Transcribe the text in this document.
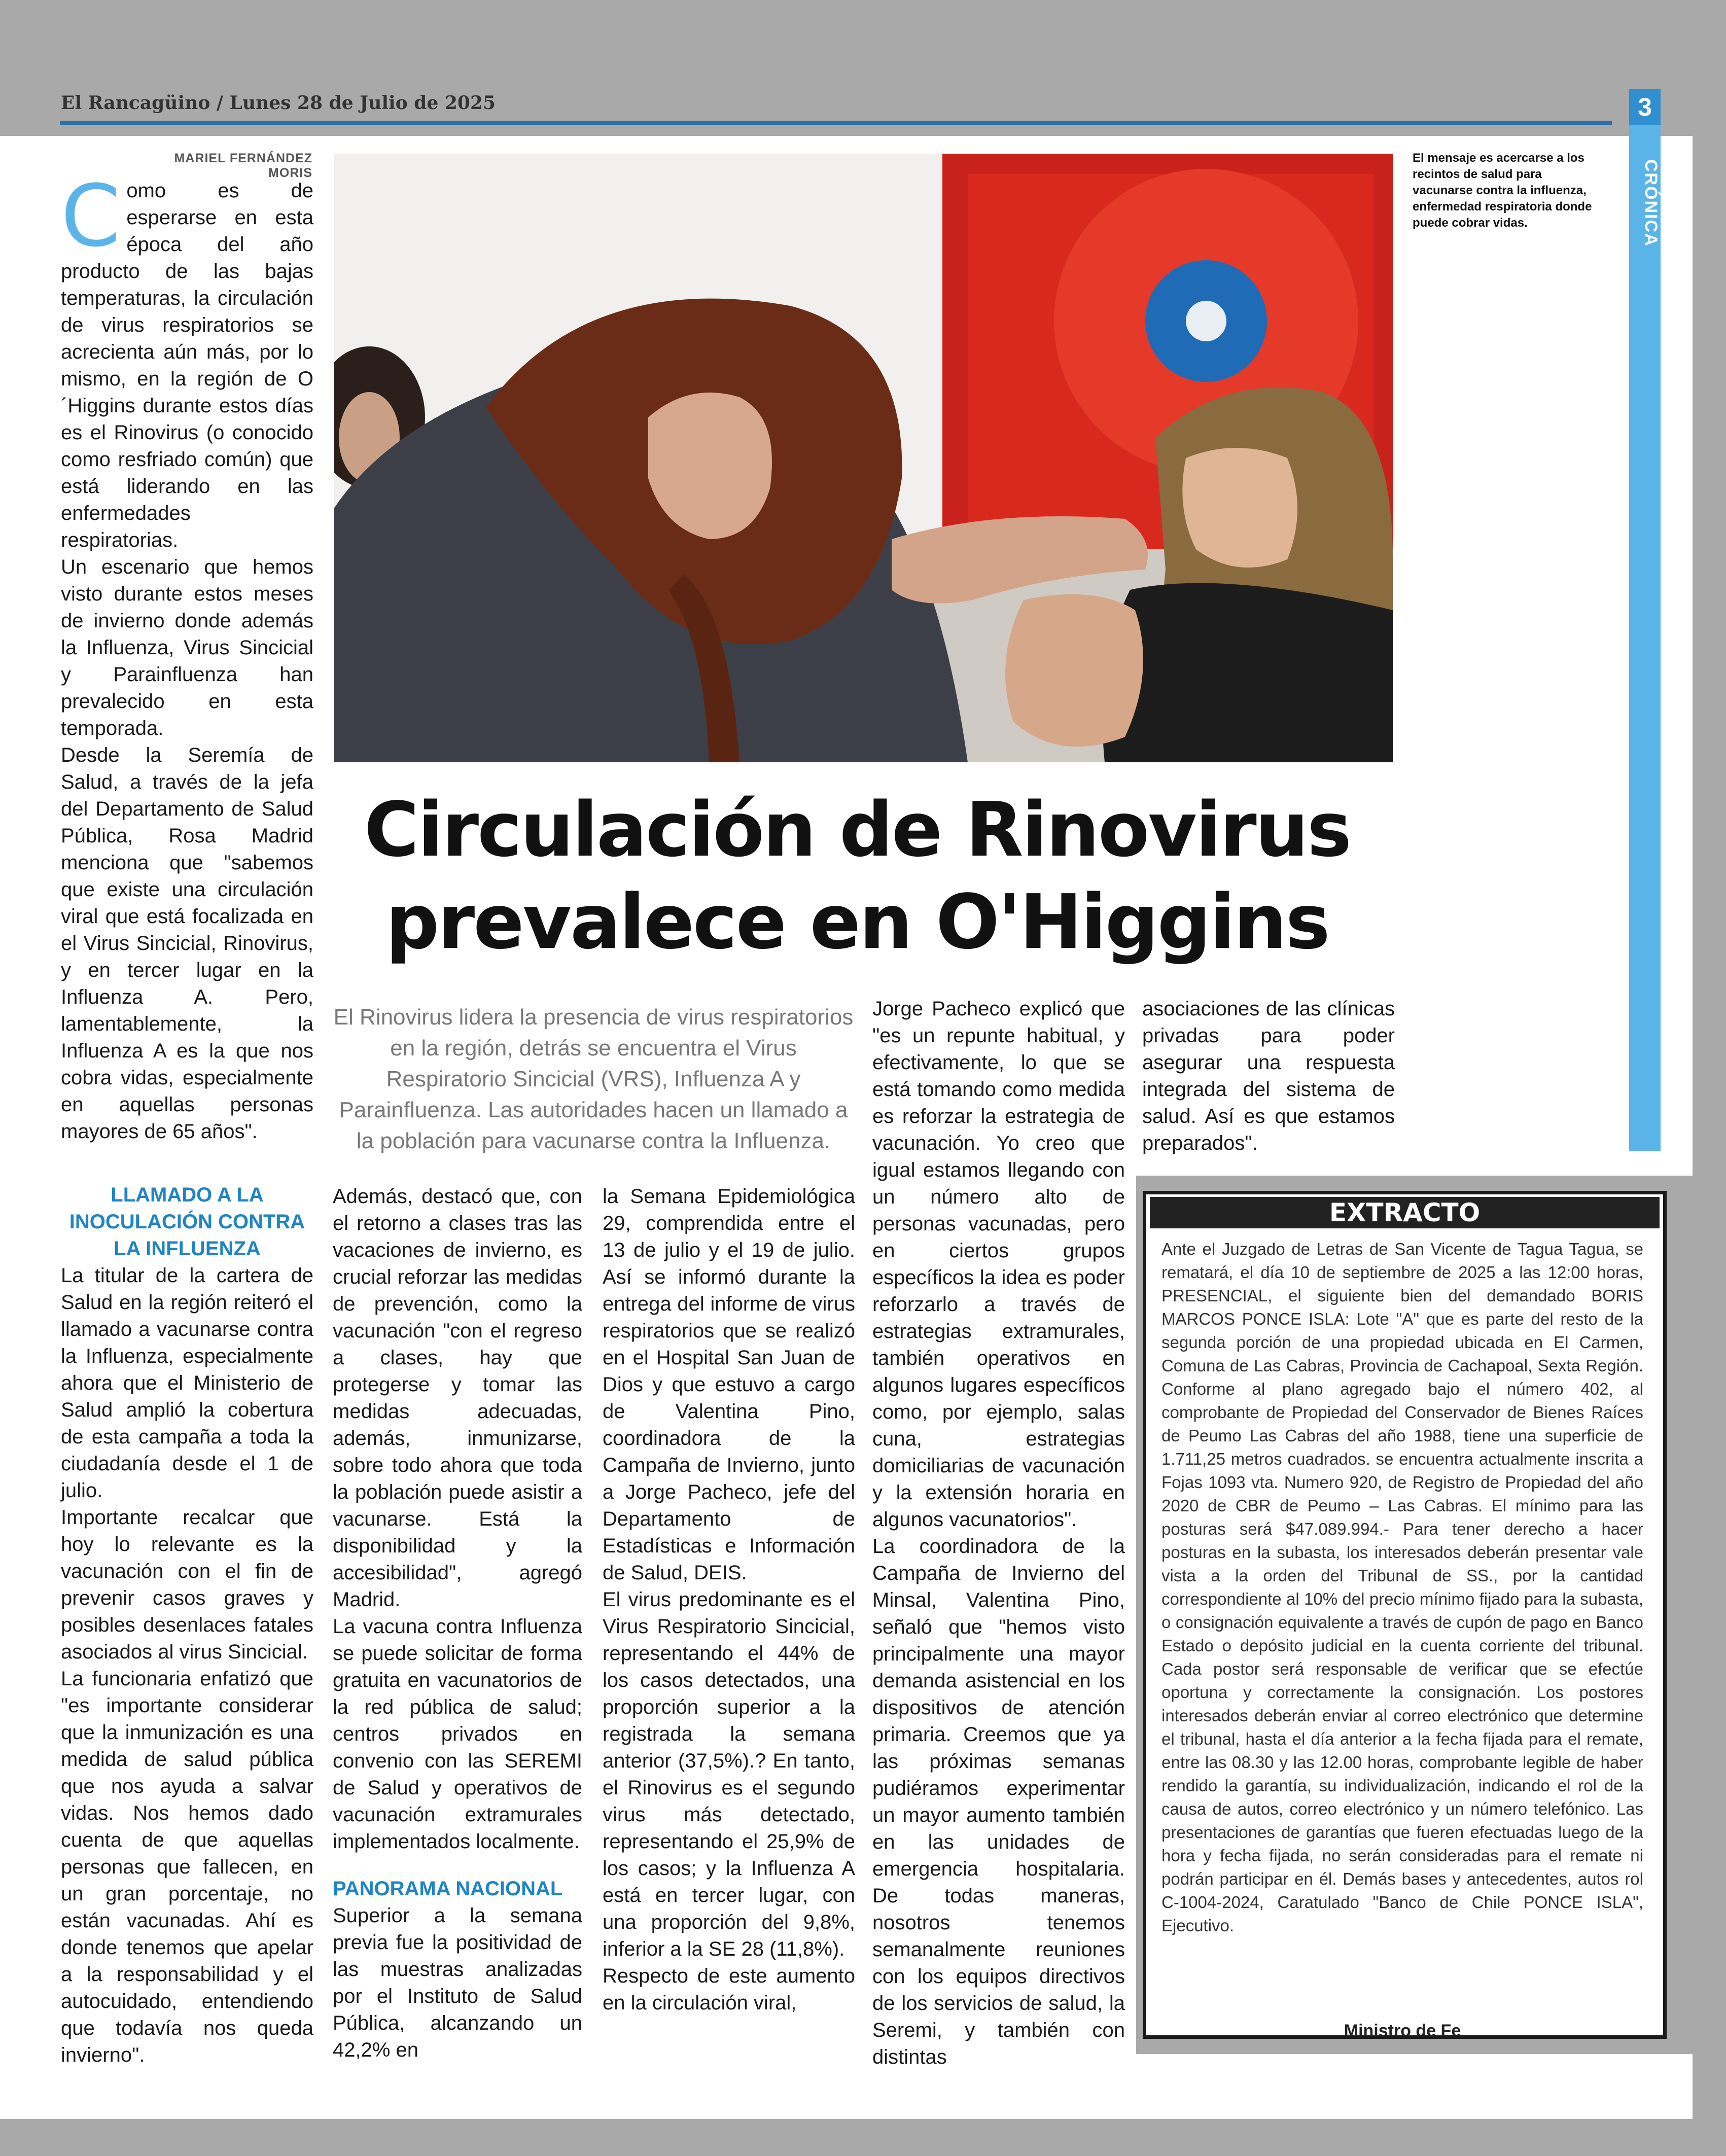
El Rancagüino / Lunes 28 de Julio de 2025	3
CRÓNICA
MARIEL FERNÁNDEZ MORIS
El mensaje es acercarse a los recintos de salud para vacunarse contra la influenza, enfermedad respiratoria donde puede cobrar vidas.

Como es de esperarse en esta época del año producto de las bajas temperaturas, la circulación de virus respiratorios se acrecienta aún más, por lo mismo, en la región de O´Higgins durante estos días es el Rinovirus (o conocido como resfriado común) que está liderando en las enfermedades respiratorias.

Un escenario que hemos visto durante estos meses de invierno donde además la Influenza, Virus Sincicial y Parainfluenza han prevalecido en esta temporada.

Desde la Seremía de Salud, a través de la jefa del Departamento de Salud Pública, Rosa Madrid menciona que "sabemos que existe una circulación viral que está focalizada en el Virus Sincicial, Rinovirus, y en tercer lugar en la Influenza A. Pero, lamentablemente, la Influenza A es la que nos cobra vidas, especialmente en aquellas personas mayores de 65 años".

LLAMADO A LA INOCULACIÓN CONTRA LA INFLUENZA

La titular de la cartera de Salud en la región reiteró el llamado a vacunarse contra la Influenza, especialmente ahora que el Ministerio de Salud amplió la cobertura de esta campaña a toda la ciudadanía desde el 1 de julio.

Importante recalcar que hoy lo relevante es la vacunación con el fin de prevenir casos graves y posibles desenlaces fatales asociados al virus Sincicial.

La funcionaria enfatizó que "es importante considerar que la inmunización es una medida de salud pública que nos ayuda a salvar vidas. Nos hemos dado cuenta de que aquellas personas que fallecen, en un gran porcentaje, no están vacunadas. Ahí es donde tenemos que apelar a la responsabilidad y el autocuidado, entendiendo que todavía nos queda invierno".

Circulación de Rinovirus prevalece en O'Higgins
El Rinovirus lidera la presencia de virus respiratorios en la región, detrás se encuentra el Virus Respiratorio Sincicial (VRS), Influenza A y Parainfluenza. Las autoridades hacen un llamado a la población para vacunarse contra la Influenza.

Además, destacó que, con el retorno a clases tras las vacaciones de invierno, es crucial reforzar las medidas de prevención, como la vacunación "con el regreso a clases, hay que protegerse y tomar las medidas adecuadas, además, inmunizarse, sobre todo ahora que toda la población puede asistir a vacunarse. Está la disponibilidad y la accesibilidad", agregó Madrid.

La vacuna contra Influenza se puede solicitar de forma gratuita en vacunatorios de la red pública de salud; centros privados en convenio con las SEREMI de Salud y operativos de vacunación extramurales implementados localmente.

PANORAMA NACIONAL

Superior a la semana previa fue la positividad de las muestras analizadas por el Instituto de Salud Pública, alcanzando un 42,2% en

la Semana Epidemiológica 29, comprendida entre el 13 de julio y el 19 de julio. Así se informó durante la entrega del informe de virus respiratorios que se realizó en el Hospital San Juan de Dios y que estuvo a cargo de Valentina Pino, coordinadora de la Campaña de Invierno, junto a Jorge Pacheco, jefe del Departamento de Estadísticas e Información de Salud, DEIS.

El virus predominante es el Virus Respiratorio Sincicial, representando el 44% de los casos detectados, una proporción superior a la registrada la semana anterior (37,5%).? En tanto, el Rinovirus es el segundo virus más detectado, representando el 25,9% de los casos; y la Influenza A está en tercer lugar, con una proporción del 9,8%, inferior a la SE 28 (11,8%).

Respecto de este aumento en la circulación viral,

Jorge Pacheco explicó que "es un repunte habitual, y efectivamente, lo que se está tomando como medida es reforzar la estrategia de vacunación. Yo creo que igual estamos llegando con un número alto de personas vacunadas, pero en ciertos grupos específicos la idea es poder reforzarlo a través de estrategias extramurales, también operativos en algunos lugares específicos como, por ejemplo, salas cuna, estrategias domiciliarias de vacunación y la extensión horaria en algunos vacunatorios".

La coordinadora de la Campaña de Invierno del Minsal, Valentina Pino, señaló que "hemos visto principalmente una mayor demanda asistencial en los dispositivos de atención primaria. Creemos que ya las próximas semanas pudiéramos experimentar un mayor aumento también en las unidades de emergencia hospitalaria. De todas maneras, nosotros tenemos semanalmente reuniones con los equipos directivos de los servicios de salud, la Seremi, y también con distintas

asociaciones de las clínicas privadas para poder asegurar una respuesta integrada del sistema de salud. Así es que estamos preparados".

EXTRACTO
Ante el Juzgado de Letras de San Vicente de Tagua Tagua, se rematará, el día 10 de septiembre de 2025 a las 12:00 horas, PRESENCIAL, el siguiente bien del demandado BORIS MARCOS PONCE ISLA: Lote "A" que es parte del resto de la segunda porción de una propiedad ubicada en El Carmen, Comuna de Las Cabras, Provincia de Cachapoal, Sexta Región. Conforme al plano agregado bajo el número 402, al comprobante de Propiedad del Conservador de Bienes Raíces de Peumo Las Cabras del año 1988, tiene una superficie de 1.711,25 metros cuadrados. se encuentra actualmente inscrita a Fojas 1093 vta. Numero 920, de Registro de Propiedad del año 2020 de CBR de Peumo – Las Cabras. El mínimo para las posturas será $47.089.994.- Para tener derecho a hacer posturas en la subasta, los interesados deberán presentar vale vista a la orden del Tribunal de SS., por la cantidad correspondiente al 10% del precio mínimo fijado para la subasta, o consignación equivalente a través de cupón de pago en Banco Estado o depósito judicial en la cuenta corriente del tribunal. Cada postor será responsable de verificar que se efectúe oportuna y correctamente la consignación. Los postores interesados deberán enviar al correo electrónico que determine el tribunal, hasta el día anterior a la fecha fijada para el remate, entre las 08.30 y las 12.00 horas, comprobante legible de haber rendido la garantía, su individualización, indicando el rol de la causa de autos, correo electrónico y un número telefónico. Las presentaciones de garantías que fueren efectuadas luego de la hora y fecha fijada, no serán consideradas para el remate ni podrán participar en él. Demás bases y antecedentes, autos rol C-1004-2024, Caratulado "Banco de Chile PONCE ISLA", Ejecutivo.
Ministro de Fe
